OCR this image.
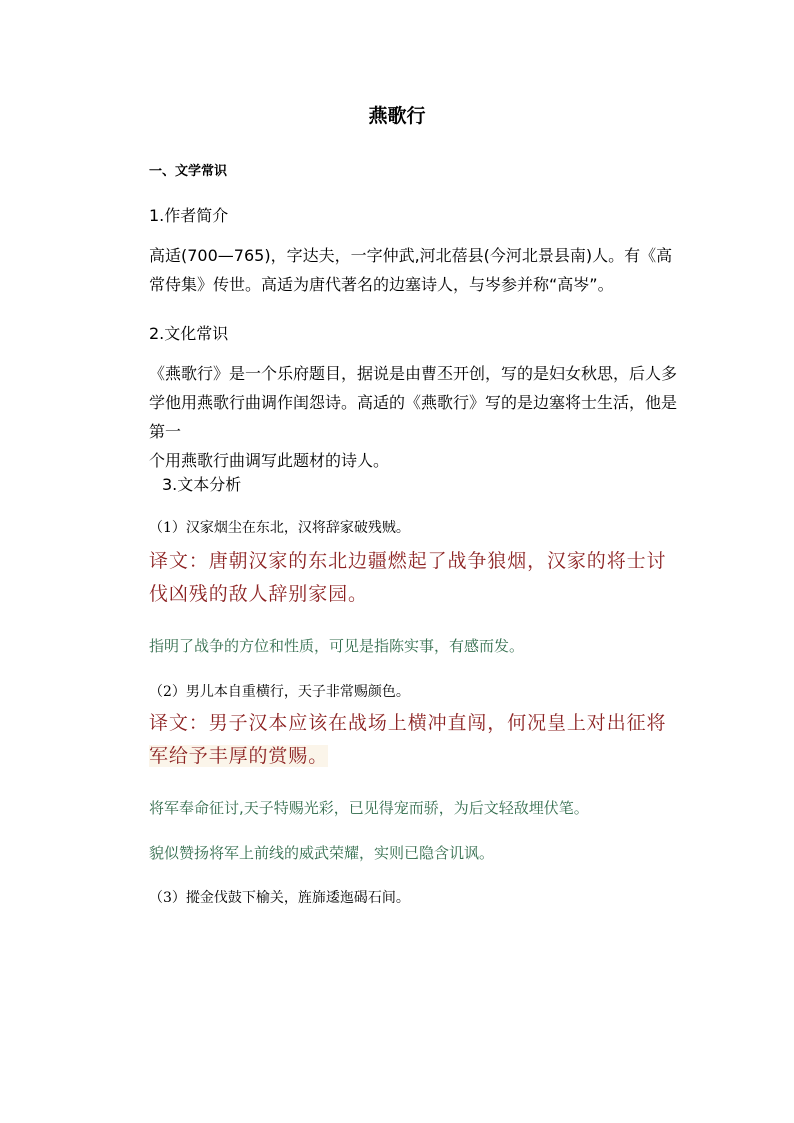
燕歌行
一、文学常识
1.作者简介
高适(700—765)，字达夫，一字仲武,河北蓓县(今河北景县南)人。有《高
常侍集》传世。高适为唐代著名的边塞诗人，与岑参并称“高岑”。
2.文化常识
《燕歌行》是一个乐府题目，据说是由曹丕开创，写的是妇女秋思，后人多
学他用燕歌行曲调作闺怨诗。高适的《燕歌行》写的是边塞将士生活，他是第一
个用燕歌行曲调写此题材的诗人。
3.文本分析
（1）汉家烟尘在东北，汉将辞家破残贼。
译文：唐朝汉家的东北边疆燃起了战争狼烟，汉家的将士讨
伐凶残的敌人辞别家园。
指明了战争的方位和性质，可见是指陈实事，有感而发。
（2）男儿本自重横行，天子非常赐颜色。
译文：男子汉本应该在战场上横冲直闯，何况皇上对出征将
军给予丰厚的赏赐。
将军奉命征讨,天子特赐光彩，已见得宠而骄，为后文轻敌埋伏笔。
貌似赞扬将军上前线的威武荣耀，实则已隐含讥讽。
（3）摐金伐鼓下榆关，旌旆逶迤碣石间。
